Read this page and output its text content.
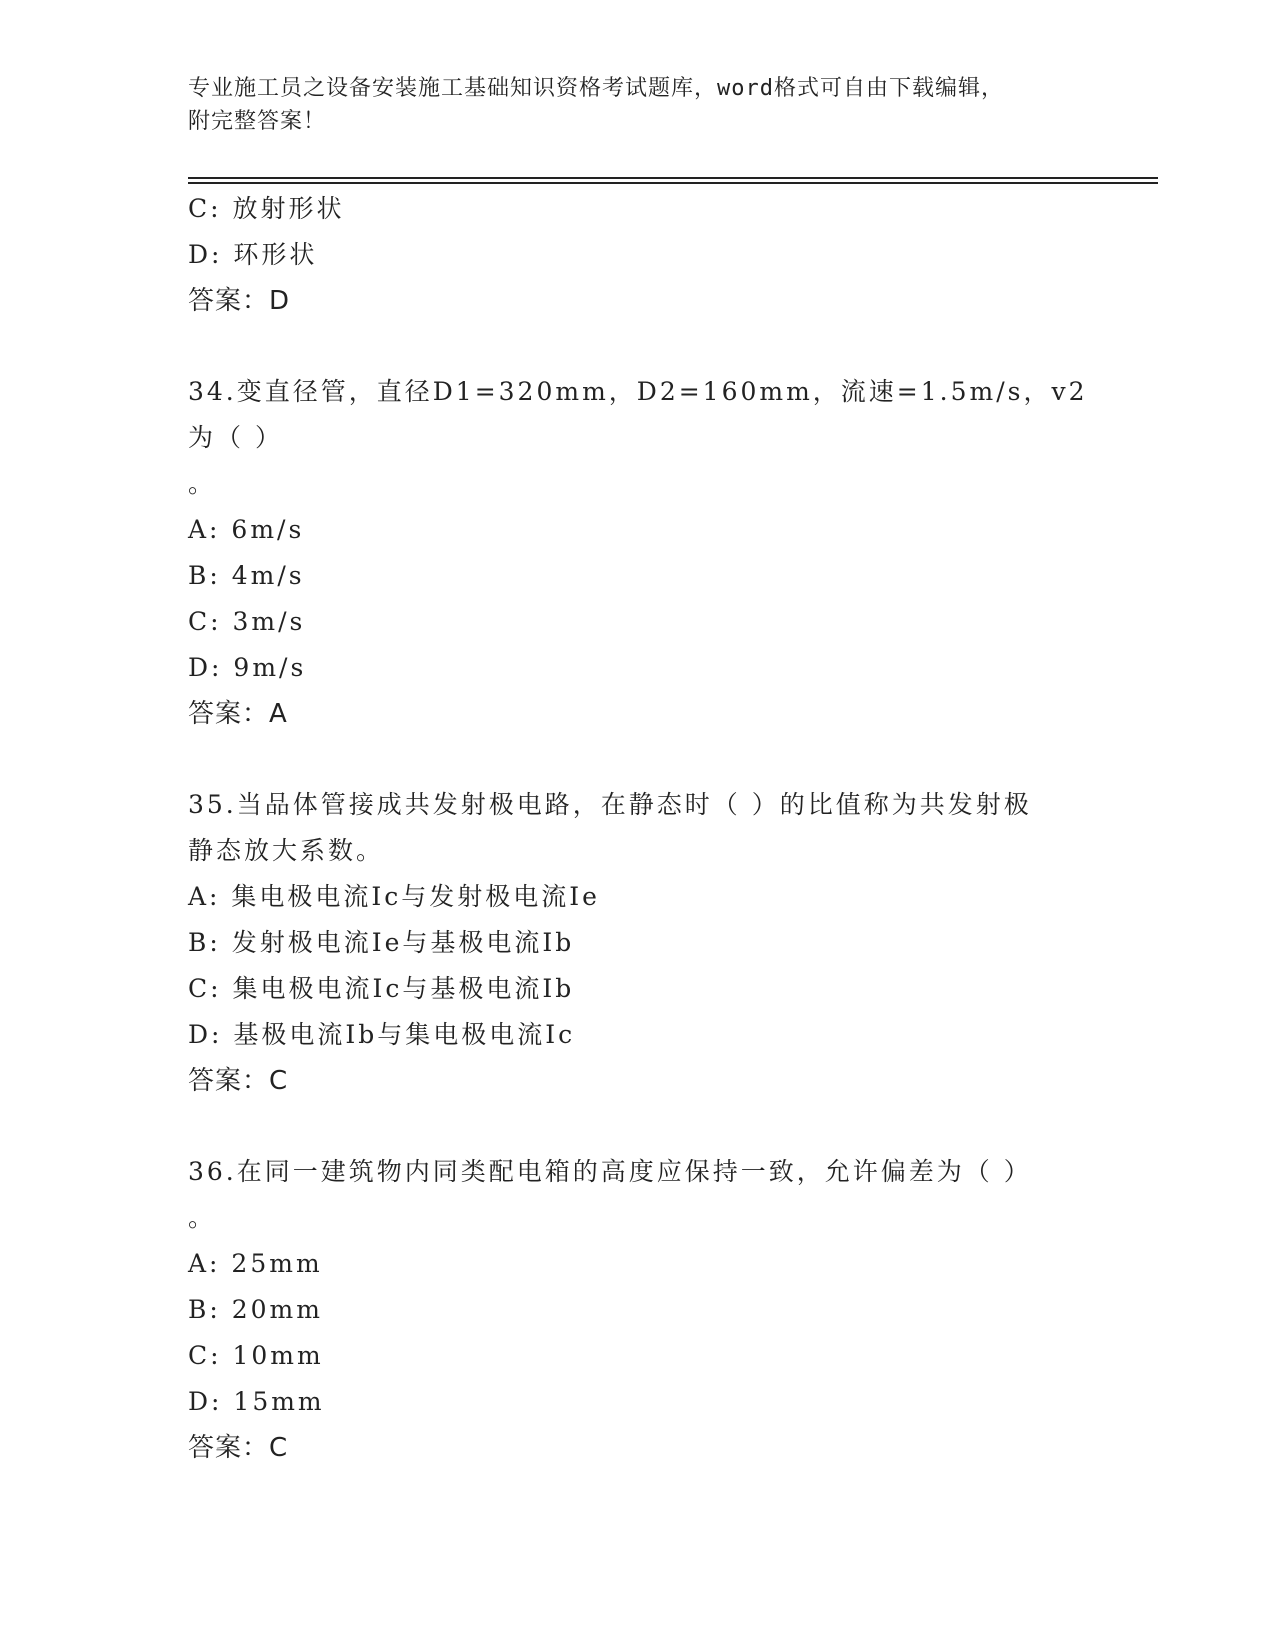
专业施工员之设备安装施工基础知识资格考试题库，word格式可自由下载编辑，
附完整答案！
C: 放射形状
D: 环形状
答案：D
34.变直径管，直径D1=320mm，D2=160mm，流速=1.5m/s，v2为（ ）
。
A: 6m/s
B: 4m/s
C: 3m/s
D: 9m/s
答案：A
35.当品体管接成共发射极电路，在静态时（ ）的比值称为共发射极
静态放大系数。
A: 集电极电流Ic与发射极电流Ie
B: 发射极电流Ie与基极电流Ib
C: 集电极电流Ic与基极电流Ib
D: 基极电流Ib与集电极电流Ic
答案：C
36.在同一建筑物内同类配电箱的高度应保持一致，允许偏差为（ ）
。
A: 25mm
B: 20mm
C: 10mm
D: 15mm
答案：C
